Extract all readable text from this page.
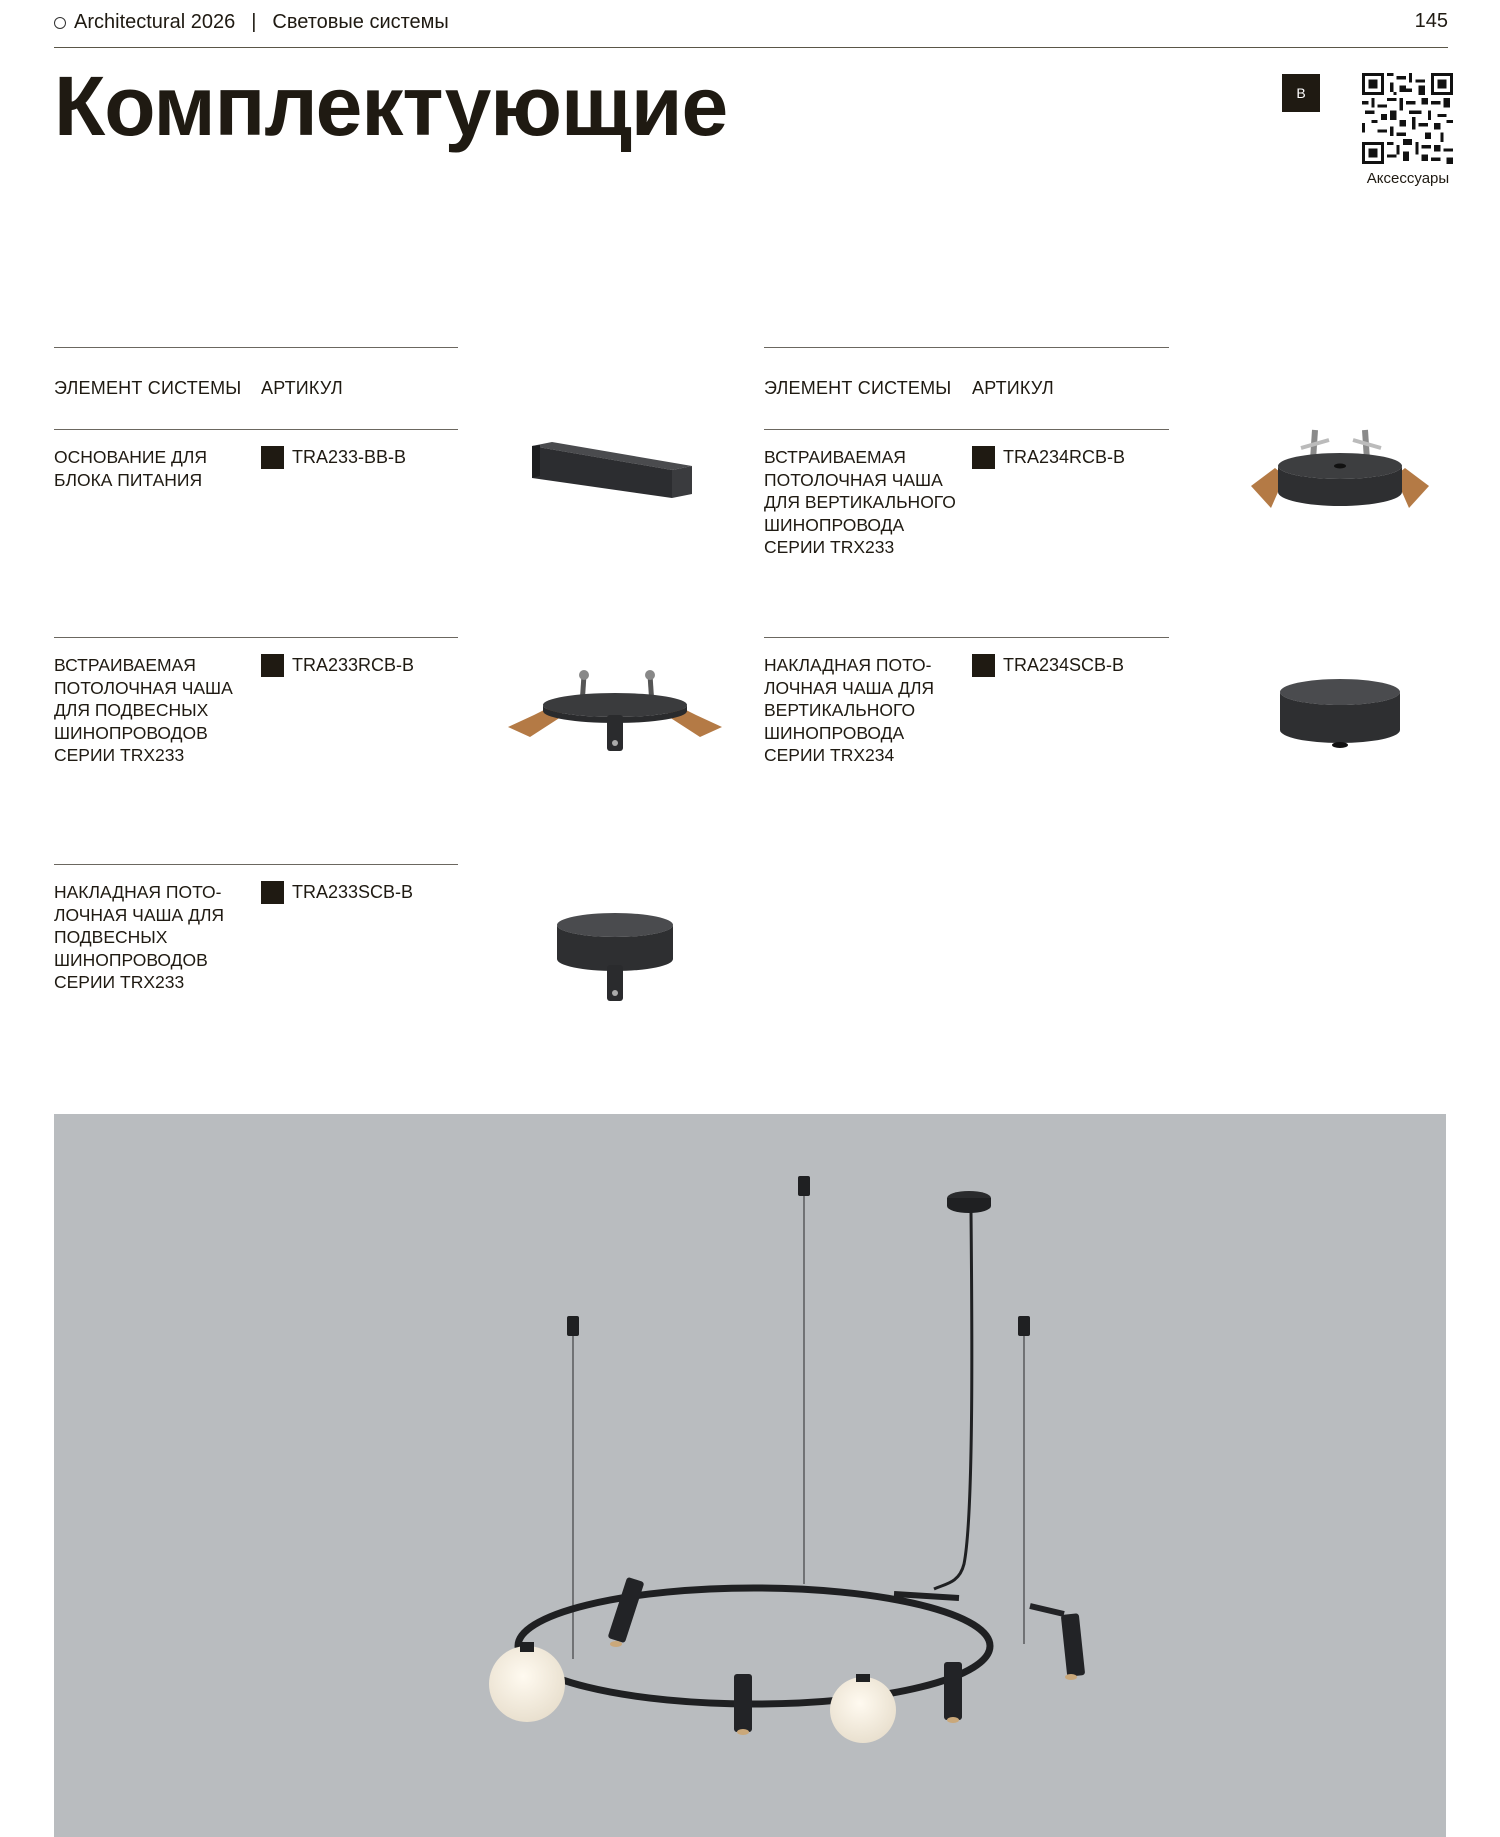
Architectural 2026 | Световые системы	145
Комплектующие	B
Аксессуары
ЭЛЕМЕНТ СИСТЕМЫ АРТИКУЛ
ОСНОВАНИЕ ДЛЯ БЛОКА ПИТАНИЯ
TRA233-BB-B
ВСТРАИВАЕМАЯ ПОТОЛОЧНАЯ ЧАША ДЛЯ ПОДВЕСНЫХ ШИНОПРОВОДОВ СЕРИИ TRX233
TRA233RCB-B
НАКЛАДНАЯ ПОТО-ЛОЧНАЯ ЧАША ДЛЯ ПОДВЕСНЫХ ШИНОПРОВОДОВ СЕРИИ TRX233
TRA233SCB-B
ЭЛЕМЕНТ СИСТЕМЫ АРТИКУЛ
ВСТРАИВАЕМАЯ ПОТОЛОЧНАЯ ЧАША ДЛЯ ВЕРТИКАЛЬНОГО ШИНОПРОВОДА СЕРИИ TRX233
TRA234RCB-B
НАКЛАДНАЯ ПОТО-ЛОЧНАЯ ЧАША ДЛЯ ВЕРТИКАЛЬНОГО ШИНОПРОВОДА СЕРИИ TRX234
TRA234SCB-B
